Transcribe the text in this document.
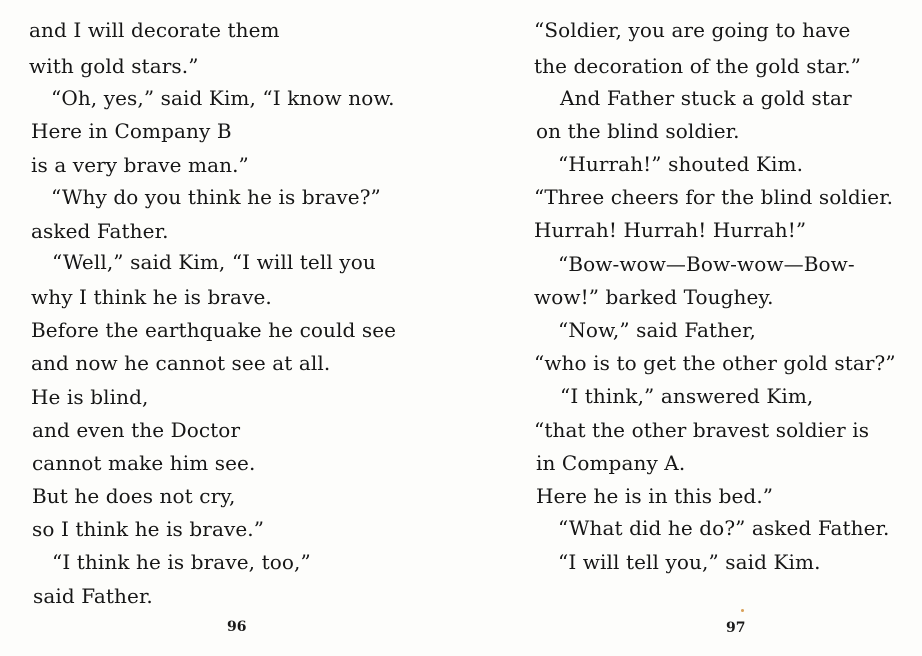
and I will decorate them
with gold stars.”
“Oh, yes,” said Kim, “I know now.
Here in Company B
is a very brave man.”
“Why do you think he is brave?”
asked Father.
“Well,” said Kim, “I will tell you
why I think he is brave.
Before the earthquake he could see
and now he cannot see at all.
He is blind,
and even the Doctor
cannot make him see.
But he does not cry,
so I think he is brave.”
“I think he is brave, too,”
said Father.
96
“Soldier, you are going to have
the decoration of the gold star.”
And Father stuck a gold star
on the blind soldier.
“Hurrah!” shouted Kim.
“Three cheers for the blind soldier.
Hurrah! Hurrah! Hurrah!”
“Bow-wow—Bow-wow—Bow-
wow!” barked Toughey.
“Now,” said Father,
“who is to get the other gold star?”
“I think,” answered Kim,
“that the other bravest soldier is
in Company A.
Here he is in this bed.”
“What did he do?” asked Father.
“I will tell you,” said Kim.
97
